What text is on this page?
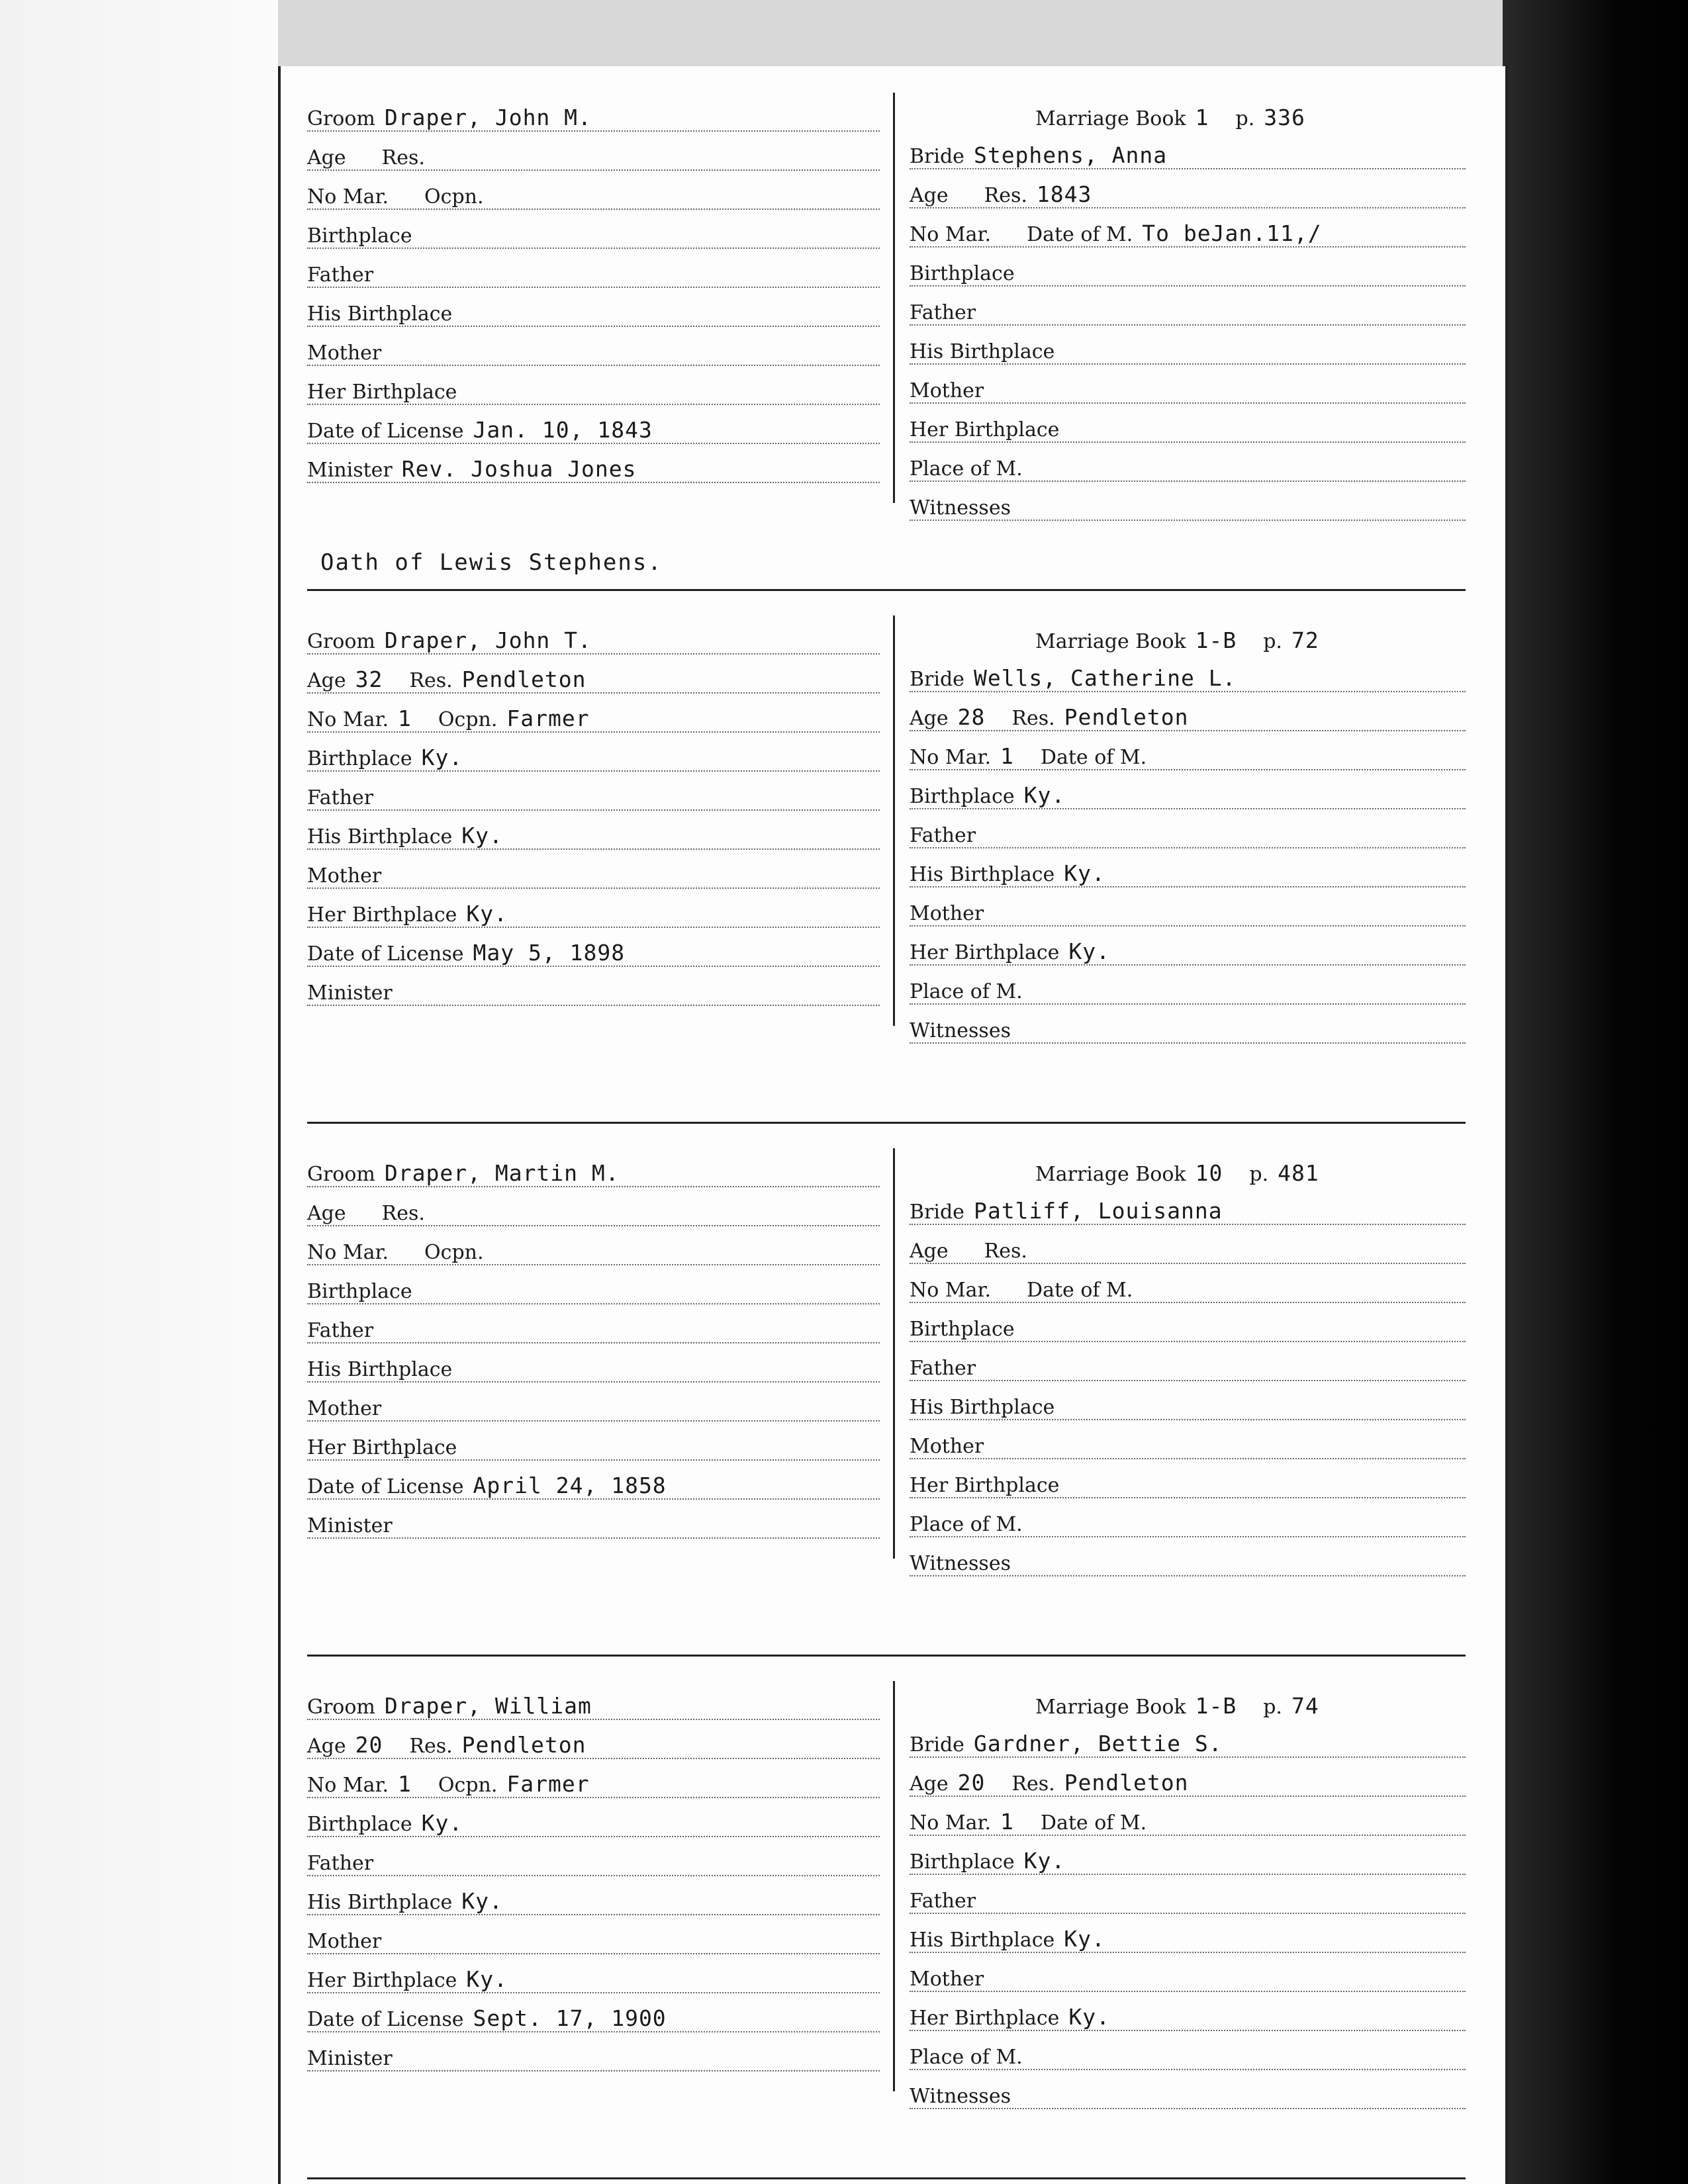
Groom Draper, John M.
Age Res.
No Mar. Ocpn.
Birthplace
Father
His Birthplace
Mother
Her Birthplace
Date of License Jan. 10, 1843
Minister Rev. Joshua Jones
Marriage Book 1 p. 336
Bride Stephens, Anna
Age Res. 1843
No Mar. Date of M. To beJan.11,/
Birthplace
Father
His Birthplace
Mother
Her Birthplace
Place of M.
Witnesses
Oath of Lewis Stephens.
Groom Draper, John T.
Age 32 Res. Pendleton
No Mar. 1 Ocpn. Farmer
Birthplace Ky.
Father
His Birthplace Ky.
Mother
Her Birthplace Ky.
Date of License May 5, 1898
Minister
Marriage Book 1-B p. 72
Bride Wells, Catherine L.
Age 28 Res. Pendleton
No Mar. 1 Date of M.
Birthplace Ky.
Father
His Birthplace Ky.
Mother
Her Birthplace Ky.
Place of M.
Witnesses
Groom Draper, Martin M.
Age Res.
No Mar. Ocpn.
Birthplace
Father
His Birthplace
Mother
Her Birthplace
Date of License April 24, 1858
Minister
Marriage Book 10 p. 481
Bride Patliff, Louisanna
Age Res.
No Mar. Date of M.
Birthplace
Father
His Birthplace
Mother
Her Birthplace
Place of M.
Witnesses
Groom Draper, William
Age 20 Res. Pendleton
No Mar. 1 Ocpn. Farmer
Birthplace Ky.
Father
His Birthplace Ky.
Mother
Her Birthplace Ky.
Date of License Sept. 17, 1900
Minister
Marriage Book 1-B p. 74
Bride Gardner, Bettie S.
Age 20 Res. Pendleton
No Mar. 1 Date of M.
Birthplace Ky.
Father
His Birthplace Ky.
Mother
Her Birthplace Ky.
Place of M.
Witnesses
